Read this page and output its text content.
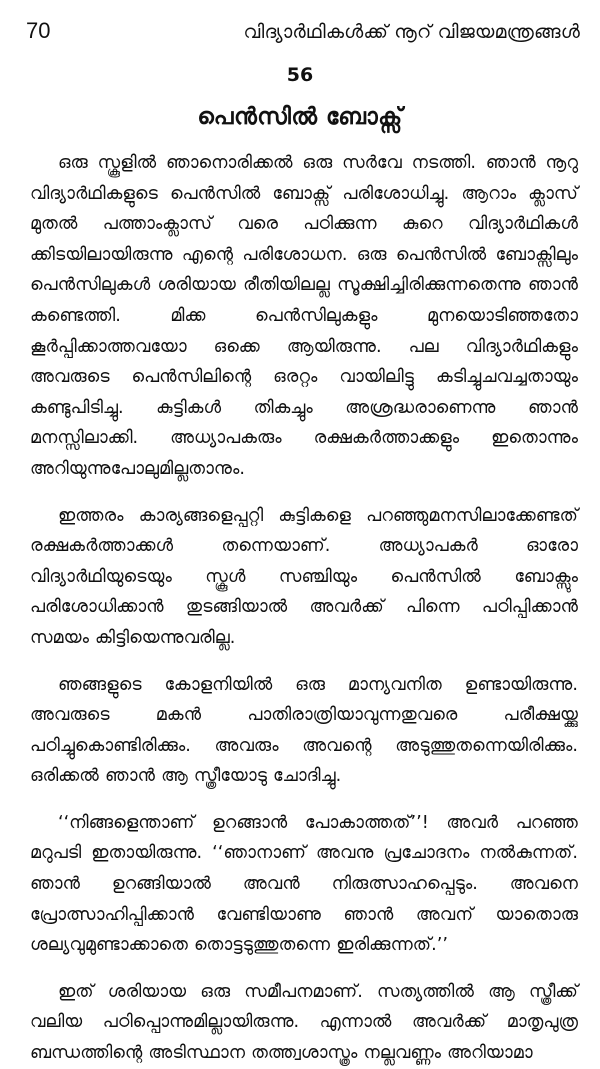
70	വിദ്യാർഥികൾക്ക് നൂറ് വിജയമന്ത്രങ്ങൾ
56
പെൻസിൽ ബോക്സ്

ഒരു സ്കൂളിൽ ഞാനൊരിക്കൽ ഒരു സർവേ നടത്തി. ഞാൻ നൂറു വിദ്യാർഥികളുടെ പെൻസിൽ ബോക്സ് പരിശോധിച്ചു. ആറാം ക്ലാസ് മുതൽ പത്താംക്ലാസ് വരെ പഠിക്കുന്ന കുറെ വിദ്യാർഥികൾ ക്കിടയിലായിരുന്നു എന്റെ പരിശോധന. ഒരു പെൻസിൽ ബോക്സിലും പെൻസിലുകൾ ശരിയായ രീതിയിലല്ല സൂക്ഷിച്ചിരിക്കുന്നതെന്നു ഞാൻ കണ്ടെത്തി. മിക്ക പെൻസിലുകളും മുനയൊടിഞ്ഞതോ കൂർപ്പിക്കാത്തവയോ ഒക്കെ ആയിരുന്നു. പല വിദ്യാർഥികളും അവരുടെ പെൻസിലിന്റെ ഒരറ്റം വായിലിട്ടു കടിച്ചുചവച്ചതായും കണ്ടുപിടിച്ചു. കുട്ടികൾ തികച്ചും അശ്രദ്ധരാണെന്നു ഞാൻ മനസ്സിലാക്കി. അധ്യാപകരും രക്ഷകർത്താക്കളും ഇതൊന്നും അറിയുന്നുപോലുമില്ലതാനും.

ഇത്തരം കാര്യങ്ങളെപ്പറ്റി കുട്ടികളെ പറഞ്ഞുമനസിലാക്കേണ്ടത് രക്ഷകർത്താക്കൾ തന്നെയാണ്. അധ്യാപകർ ഓരോ വിദ്യാർഥിയുടെയും സ്കൂൾ സഞ്ചിയും പെൻസിൽ ബോക്സും പരിശോധിക്കാൻ തുടങ്ങിയാൽ അവർക്ക് പിന്നെ പഠിപ്പിക്കാൻ സമയം കിട്ടിയെന്നുവരില്ല.

ഞങ്ങളുടെ കോളനിയിൽ ഒരു മാന്യവനിത ഉണ്ടായിരുന്നു. അവരുടെ മകൻ പാതിരാത്രിയാവുന്നതുവരെ പരീക്ഷയ്ക്കു പഠിച്ചുകൊണ്ടിരിക്കും. അവരും അവന്റെ അടുത്തുതന്നെയിരിക്കും. ഒരിക്കൽ ഞാൻ ആ സ്ത്രീയോടു ചോദിച്ചു.

‘‘നിങ്ങളെന്താണ് ഉറങ്ങാൻ പോകാത്തത്’’! അവർ പറഞ്ഞ മറുപടി ഇതായിരുന്നു. ‘‘ഞാനാണ് അവനു പ്രചോദനം നൽകുന്നത്. ഞാൻ ഉറങ്ങിയാൽ അവൻ നിരുത്സാഹപ്പെടും. അവനെ പ്രോത്സാഹിപ്പിക്കാൻ വേണ്ടിയാണു ഞാൻ അവന് യാതൊരു ശല്യവുമുണ്ടാക്കാതെ തൊട്ടടുത്തുതന്നെ ഇരിക്കുന്നത്.’’

ഇത് ശരിയായ ഒരു സമീപനമാണ്. സത്യത്തിൽ ആ സ്ത്രീക്ക് വലിയ പഠിപ്പൊന്നുമില്ലായിരുന്നു. എന്നാൽ അവർക്ക് മാതൃപുത്ര ബന്ധത്തിന്റെ അടിസ്ഥാന തത്ത്വശാസ്ത്രം നല്ലവണ്ണം അറിയാമാ
